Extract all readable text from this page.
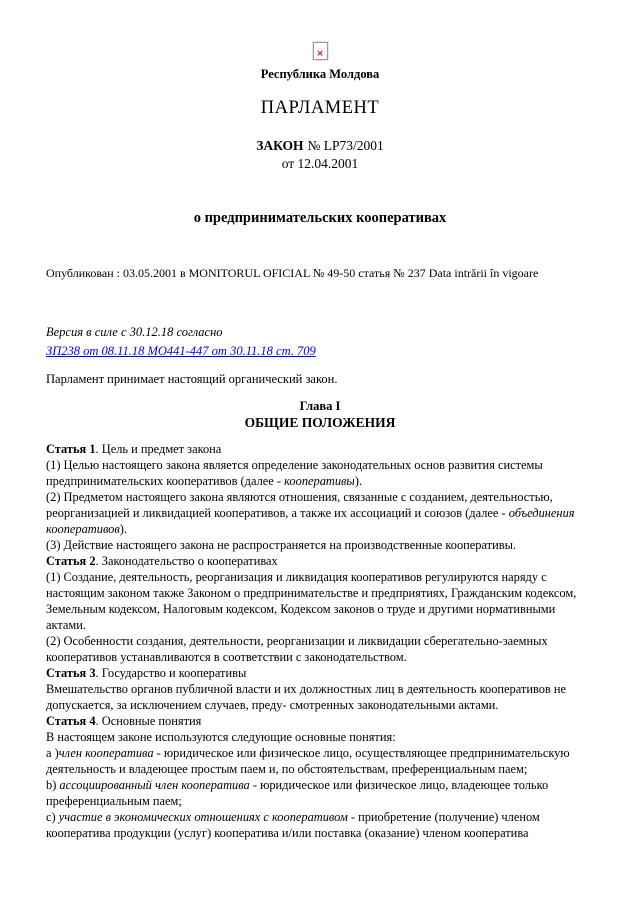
×
Республика Молдова
ПАРЛАМЕНТ
ЗАКОН № LP73/2001
от 12.04.2001
о предпринимательских кооперативах

Опубликован : 03.05.2001 в MONITORUL OFICIAL № 49-50 статья № 237 Data intrării în vigoare

Версия в силе с 30.12.18 согласно
ЗП238 от 08.11.18 МО441-447 от 30.11.18 ст. 709

Парламент принимает настоящий органический закон.

Глава I
ОБЩИЕ ПОЛОЖЕНИЯ

Статья 1. Цель и предмет закона

(1) Целью настоящего закона является определение законодательных основ развития системы предпринимательских кооперативов (далее - кооперативы).

(2) Предметом настоящего закона являются отношения, связанные с созданием, деятельностью, реорганизацией и ликвидацией кооперативов, а также их ассоциаций и союзов (далее - объединения кооперативов).

(3) Действие настоящего закона не распространяется на производственные кооперативы.

Статья 2. Законодательство о кооперативах

(1) Создание, деятельность, реорганизация и ликвидация кооперативов регулируются наряду с настоящим законом также Законом о предпринимательстве и предприятиях, Гражданским кодексом, Земельным кодексом, Налоговым кодексом, Кодексом законов о труде и другими нормативными актами.

(2) Особенности создания, деятельности, реорганизации и ликвидации сберегательно-заемных кооперативов устанавливаются в соответствии с законодательством.

Статья 3. Государство и кооперативы

Вмешательство органов публичной власти и их должностных лиц в деятельность кооперативов не допускается, за исключением случаев, преду- смотренных законодательными актами.

Статья 4. Основные понятия

В настоящем законе используются следующие основные понятия:

a )член кооператива - юридическое или физическое лицо, осуществляющее предпринимательскую деятельность и владеющее простым паем и, по обстоятельствам, преференциальным паем;

b) ассоциированный член кооператива - юридическое или физическое лицо, владеющее только преференциальным паем;

c) участие в экономических отношениях с кооперативом - приобретение (получение) членом кооператива продукции (услуг) кооператива и/или поставка (оказание) членом кооператива
